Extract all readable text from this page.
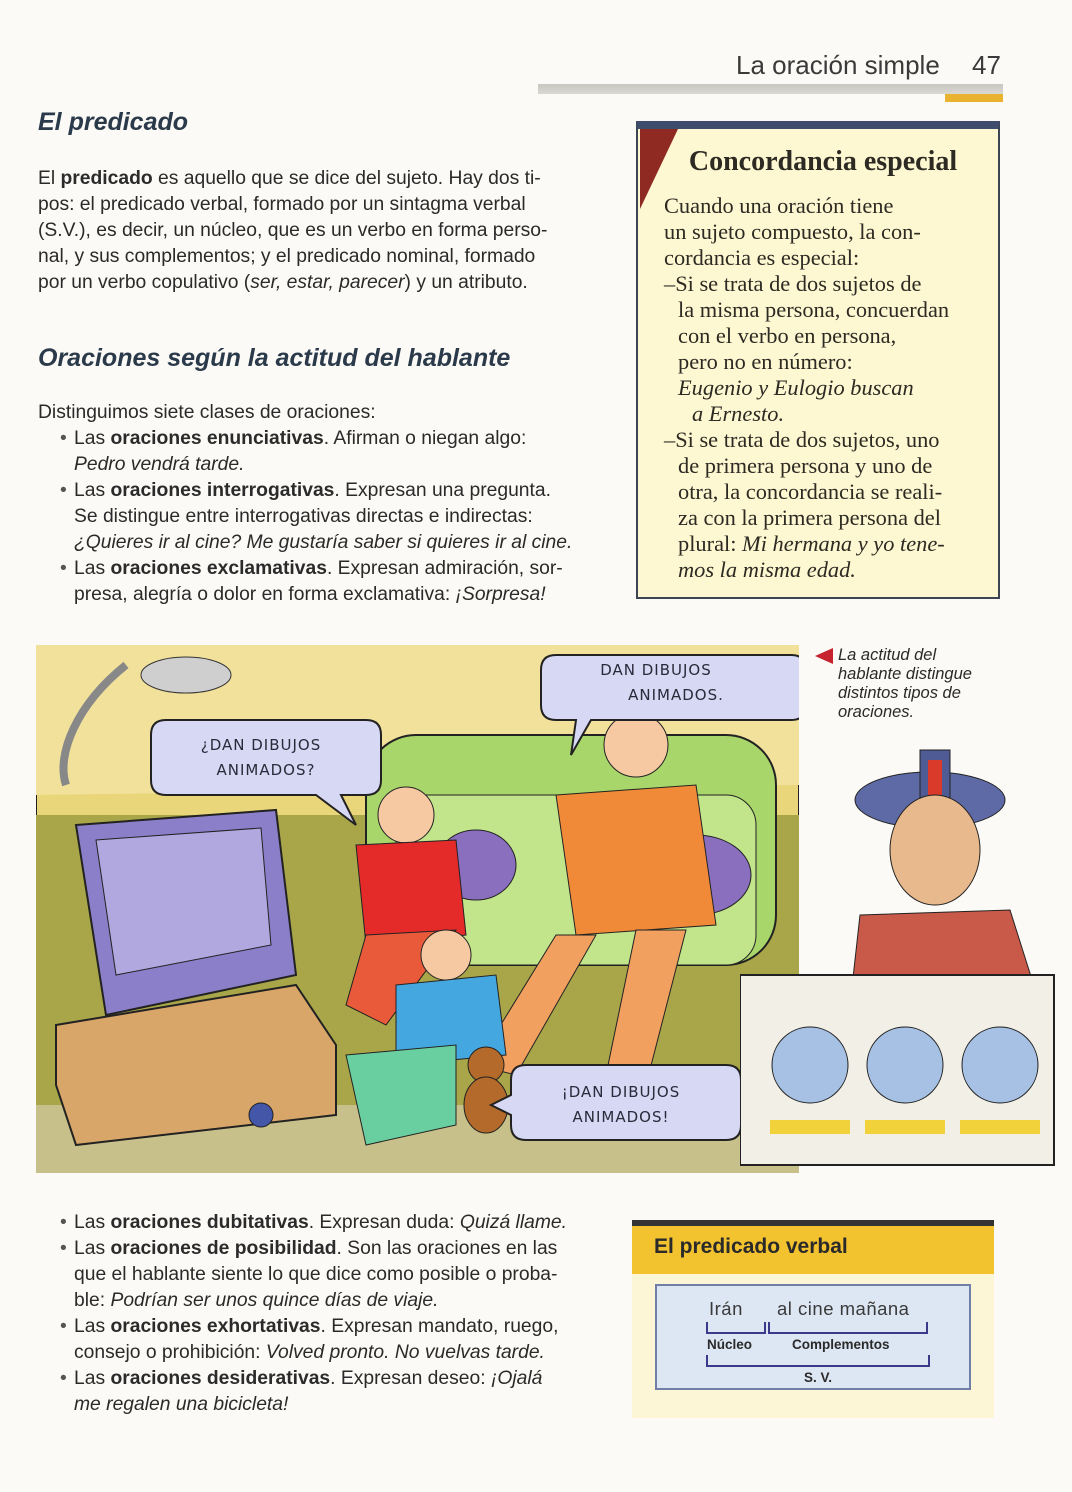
La oración simple 47
El predicado

El predicado es aquello que se dice del sujeto. Hay dos ti-

pos: el predicado verbal, formado por un sintagma verbal

(S.V.), es decir, un núcleo, que es un verbo en forma perso-

nal, y sus complementos; y el predicado nominal, formado

por un verbo copulativo (ser, estar, parecer) y un atributo.

Oraciones según la actitud del hablante

Distinguimos siete clases de oraciones:

• Las oraciones enunciativas. Afirman o niegan algo:
Pedro vendrá tarde.
• Las oraciones interrogativas. Expresan una pregunta.
Se distingue entre interrogativas directas e indirectas:
¿Quieres ir al cine? Me gustaría saber si quieres ir al cine.
• Las oraciones exclamativas. Expresan admiración, sor-
presa, alegría o dolor en forma exclamativa: ¡Sorpresa!
Concordancia especial

Cuando una oración tiene

un sujeto compuesto, la con-

cordancia es especial:

–Si se trata de dos sujetos de

la misma persona, concuerdan

con el verbo en persona,

pero no en número:

Eugenio y Eulogio buscan

a Ernesto.

–Si se trata de dos sujetos, uno

de primera persona y uno de

otra, la concordancia se reali-

za con la primera persona del

plural: Mi hermana y yo tene-

mos la misma edad.

DAN DIBUJOS
ANIMADOS.
¿DAN DIBUJOS
ANIMADOS?
¡DAN DIBUJOS
ANIMADOS!
La actitud del
hablante distingue
distintos tipos de
oraciones.
• Las oraciones dubitativas. Expresan duda: Quizá llame.
• Las oraciones de posibilidad. Son las oraciones en las
que el hablante siente lo que dice como posible o proba-
ble: Podrían ser unos quince días de viaje.
• Las oraciones exhortativas. Expresan mandato, ruego,
consejo o prohibición: Volved pronto. No vuelvas tarde.
• Las oraciones desiderativas. Expresan deseo: ¡Ojalá
me regalen una bicicleta!
El predicado verbal
Irán al cine mañana
Núcleo	Complementos
S. V.
